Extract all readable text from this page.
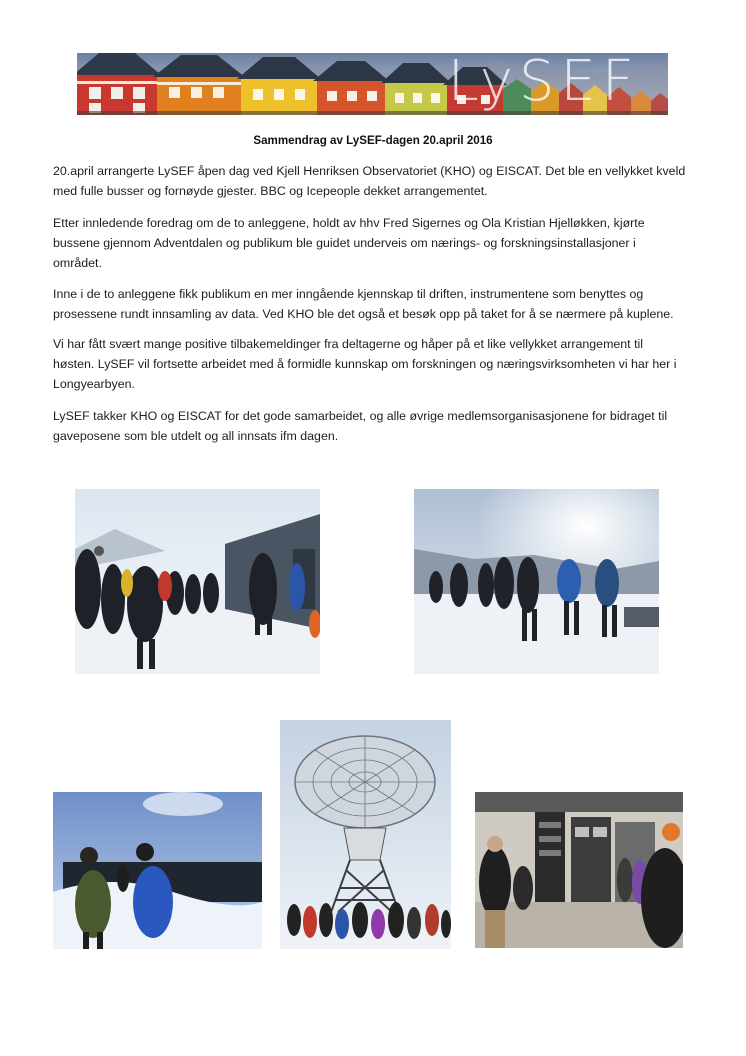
LySEF
Sammendrag av LySEF-dagen 20.april 2016

20.april arrangerte LySEF åpen dag ved Kjell Henriksen Observatoriet (KHO) og EISCAT. Det ble en vellykket kveld
med fulle busser og fornøyde gjester. BBC og Icepeople dekket arrangementet.

Etter innledende foredrag om de to anleggene, holdt av hhv Fred Sigernes og Ola Kristian Hjelløkken, kjørte
bussene gjennom Adventdalen og publikum ble guidet underveis om nærings- og forskningsinstallasjoner i
området.

Inne i de to anleggene fikk publikum en mer inngående kjennskap til driften, instrumentene som benyttes og
prosessene rundt innsamling av data. Ved KHO ble det også et besøk opp på taket for å se nærmere på kuplene.

Vi har fått svært mange positive tilbakemeldinger fra deltagerne og håper på et like vellykket arrangement til
høsten. LySEF vil fortsette arbeidet med å formidle kunnskap om forskningen og næringsvirksomheten vi har her i
Longyearbyen.

LySEF takker KHO og EISCAT for det gode samarbeidet, og alle øvrige medlemsorganisasjonene for bidraget til
gaveposene som ble utdelt og all innsats ifm dagen.
